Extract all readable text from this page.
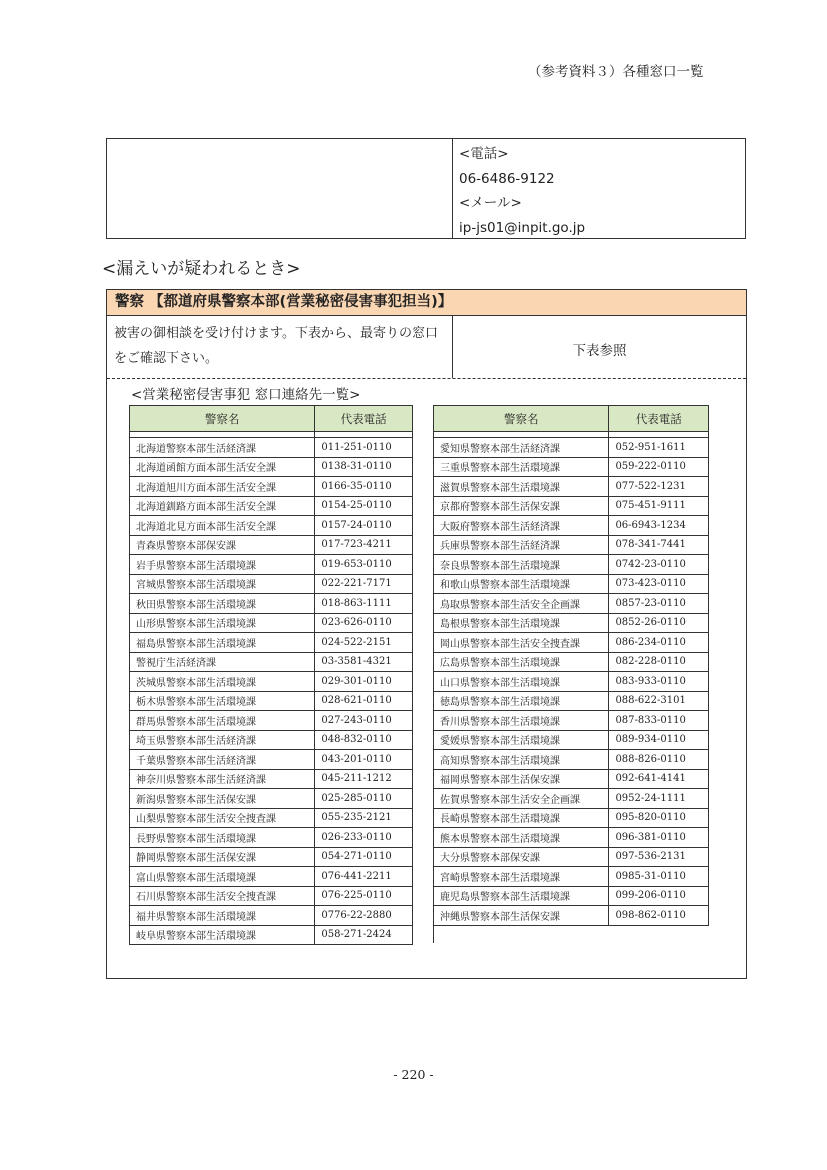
（参考資料３）各種窓口一覧
<電話>
06-6486-9122
<メール>
ip-js01@inpit.go.jp
<漏えいが疑われるとき>
警察 【都道府県警察本部(営業秘密侵害事犯担当)】
被害の御相談を受け付けます。下表から、最寄りの窓口をご確認下さい。	下表参照
<営業秘密侵害事犯 窓口連絡先一覧>
警察名	代表電話

北海道警察本部生活経済課	011-251-0110
北海道函館方面本部生活安全課	0138-31-0110
北海道旭川方面本部生活安全課	0166-35-0110
北海道釧路方面本部生活安全課	0154-25-0110
北海道北見方面本部生活安全課	0157-24-0110
青森県警察本部保安課	017-723-4211
岩手県警察本部生活環境課	019-653-0110
宮城県警察本部生活環境課	022-221-7171
秋田県警察本部生活環境課	018-863-1111
山形県警察本部生活環境課	023-626-0110
福島県警察本部生活環境課	024-522-2151
警視庁生活経済課	03-3581-4321
茨城県警察本部生活環境課	029-301-0110
栃木県警察本部生活環境課	028-621-0110
群馬県警察本部生活環境課	027-243-0110
埼玉県警察本部生活経済課	048-832-0110
千葉県警察本部生活経済課	043-201-0110
神奈川県警察本部生活経済課	045-211-1212
新潟県警察本部生活保安課	025-285-0110
山梨県警察本部生活安全捜査課	055-235-2121
長野県警察本部生活環境課	026-233-0110
静岡県警察本部生活保安課	054-271-0110
富山県警察本部生活環境課	076-441-2211
石川県警察本部生活安全捜査課	076-225-0110
福井県警察本部生活環境課	0776-22-2880
岐阜県警察本部生活環境課	058-271-2424
警察名	代表電話

愛知県警察本部生活経済課	052-951-1611
三重県警察本部生活環境課	059-222-0110
滋賀県警察本部生活環境課	077-522-1231
京都府警察本部生活保安課	075-451-9111
大阪府警察本部生活経済課	06-6943-1234
兵庫県警察本部生活経済課	078-341-7441
奈良県警察本部生活環境課	0742-23-0110
和歌山県警察本部生活環境課	073-423-0110
鳥取県警察本部生活安全企画課	0857-23-0110
島根県警察本部生活環境課	0852-26-0110
岡山県警察本部生活安全捜査課	086-234-0110
広島県警察本部生活環境課	082-228-0110
山口県警察本部生活環境課	083-933-0110
徳島県警察本部生活環境課	088-622-3101
香川県警察本部生活環境課	087-833-0110
愛媛県警察本部生活環境課	089-934-0110
高知県警察本部生活環境課	088-826-0110
福岡県警察本部生活保安課	092-641-4141
佐賀県警察本部生活安全企画課	0952-24-1111
長崎県警察本部生活環境課	095-820-0110
熊本県警察本部生活環境課	096-381-0110
大分県警察本部保安課	097-536-2131
宮崎県警察本部生活環境課	0985-31-0110
鹿児島県警察本部生活環境課	099-206-0110
沖縄県警察本部生活保安課	098-862-0110
- 220 -
